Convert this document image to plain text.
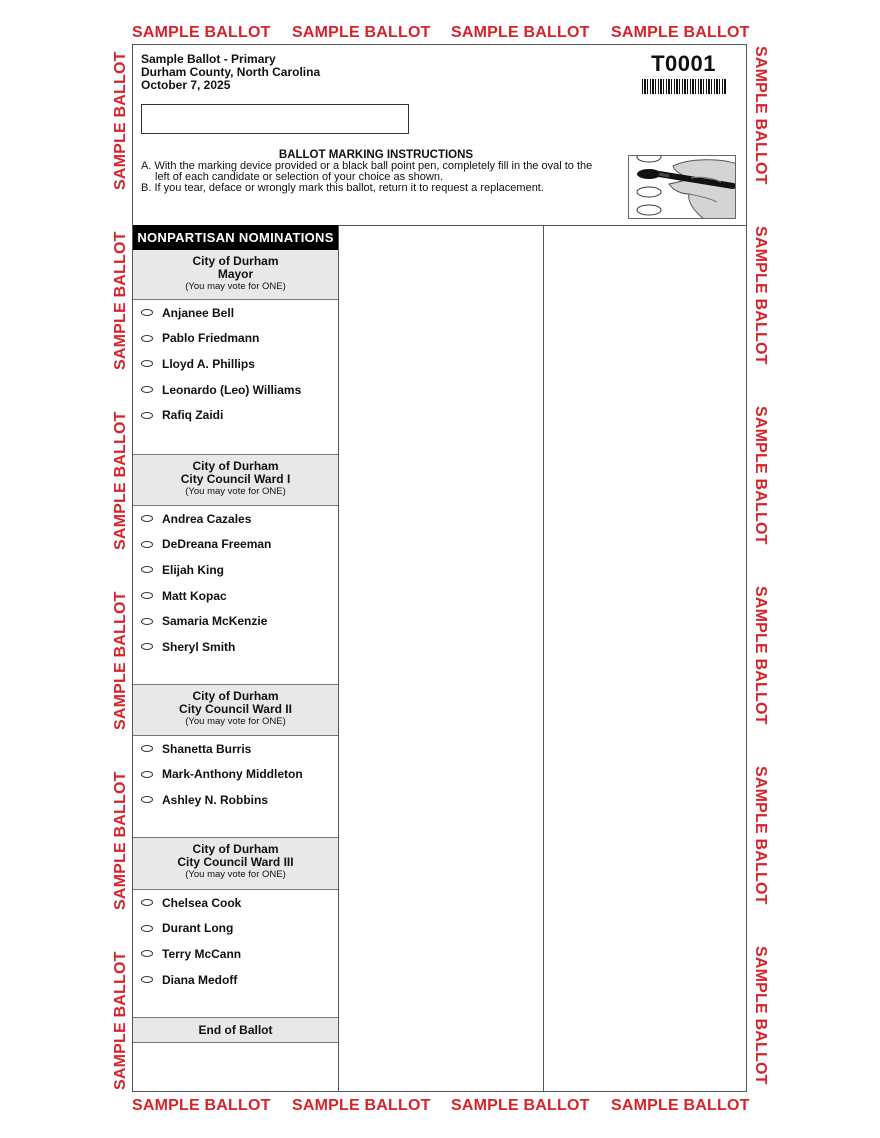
SAMPLE BALLOT SAMPLE BALLOT SAMPLE BALLOT SAMPLE BALLOT
SAMPLE BALLOT SAMPLE BALLOT SAMPLE BALLOT SAMPLE BALLOT
SAMPLE BALLOT
SAMPLE BALLOT
SAMPLE BALLOT
SAMPLE BALLOT
SAMPLE BALLOT
SAMPLE BALLOT
SAMPLE BALLOT
SAMPLE BALLOT
SAMPLE BALLOT
SAMPLE BALLOT
SAMPLE BALLOT
SAMPLE BALLOT
Sample Ballot - Primary
Durham County, North Carolina
October 7, 2025
T0001
BALLOT MARKING INSTRUCTIONS
A. With the marking device provided or a black ball point pen, completely fill in the oval to the
left of each candidate or selection of your choice as shown.
B. If you tear, deface or wrongly mark this ballot, return it to request a replacement.
NONPARTISAN NOMINATIONS
City of Durham
Mayor
(You may vote for ONE)
Anjanee Bell
Pablo Friedmann
Lloyd A. Phillips
Leonardo (Leo) Williams
Rafiq Zaidi
City of Durham
City Council Ward I
(You may vote for ONE)
Andrea Cazales
DeDreana Freeman
Elijah King
Matt Kopac
Samaria McKenzie
Sheryl Smith
City of Durham
City Council Ward II
(You may vote for ONE)
Shanetta Burris
Mark-Anthony Middleton
Ashley N. Robbins
City of Durham
City Council Ward III
(You may vote for ONE)
Chelsea Cook
Durant Long
Terry McCann
Diana Medoff
End of Ballot
